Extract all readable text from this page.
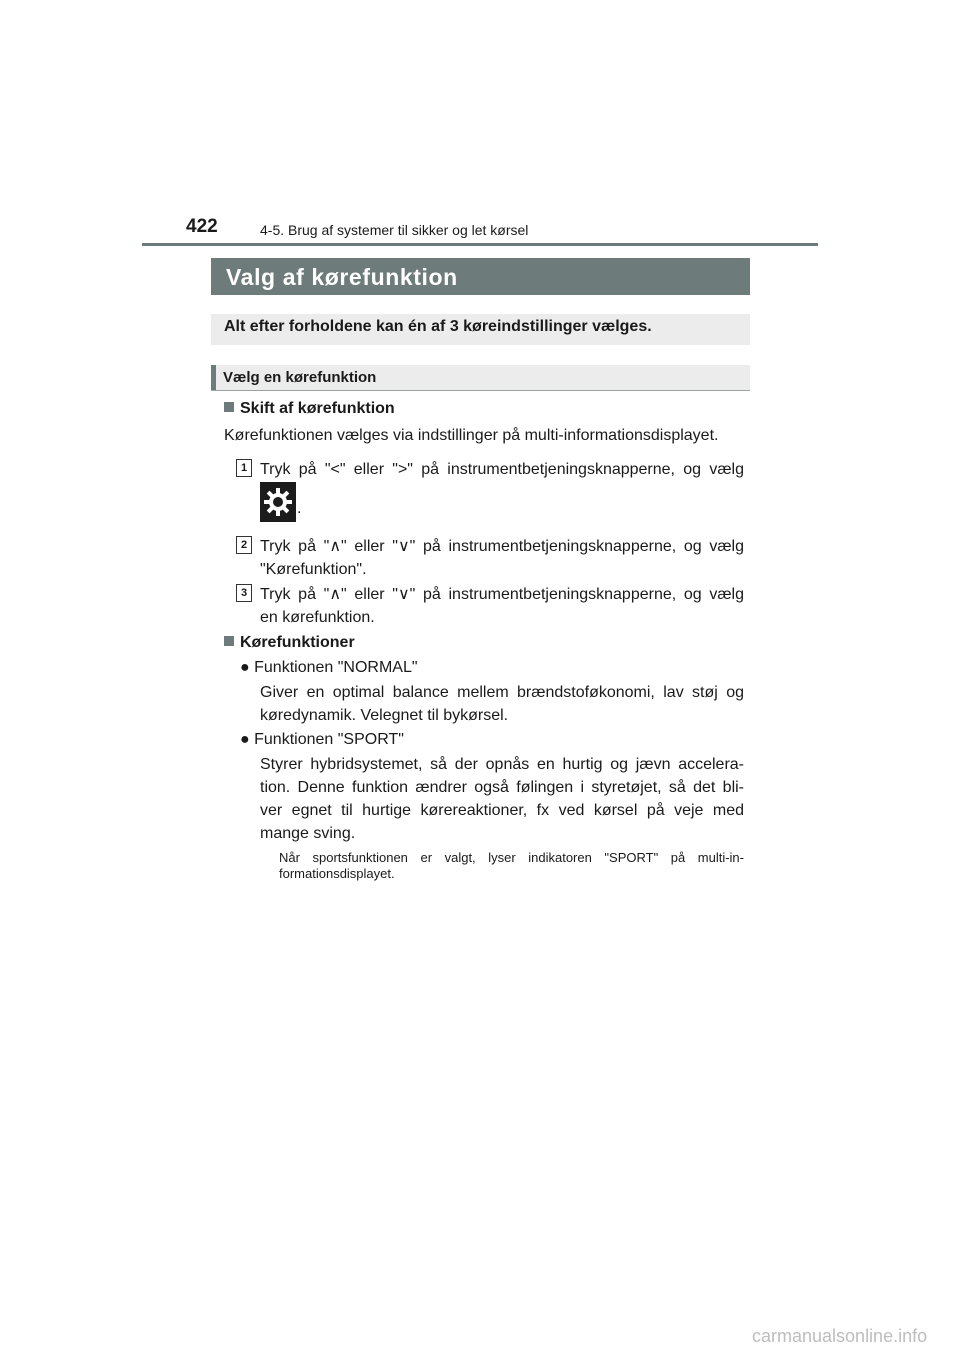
422	4-5. Brug af systemer til sikker og let kørsel
Valg af kørefunktion
Alt efter forholdene kan én af 3 køreindstillinger vælges.
Vælg en kørefunktion
Skift af kørefunktion
Kørefunktionen vælges via indstillinger på multi-informationsdisplayet.
1 Tryk på "<" eller ">" på instrumentbetjeningsknapperne, og vælg
.
2 Tryk på "∧" eller "∨" på instrumentbetjeningsknapperne, og vælg
"Kørefunktion".
3 Tryk på "∧" eller "∨" på instrumentbetjeningsknapperne, og vælg
en kørefunktion.
Kørefunktioner
● Funktionen "NORMAL"
Giver en optimal balance mellem brændstoføkonomi, lav støj og
køredynamik. Velegnet til bykørsel.
● Funktionen "SPORT"
Styrer hybridsystemet, så der opnås en hurtig og jævn accelera-
tion. Denne funktion ændrer også følingen i styretøjet, så det bli-
ver egnet til hurtige kørereaktioner, fx ved kørsel på veje med
mange sving.
Når sportsfunktionen er valgt, lyser indikatoren "SPORT" på multi-in-
formationsdisplayet.
carmanualsonline.info
